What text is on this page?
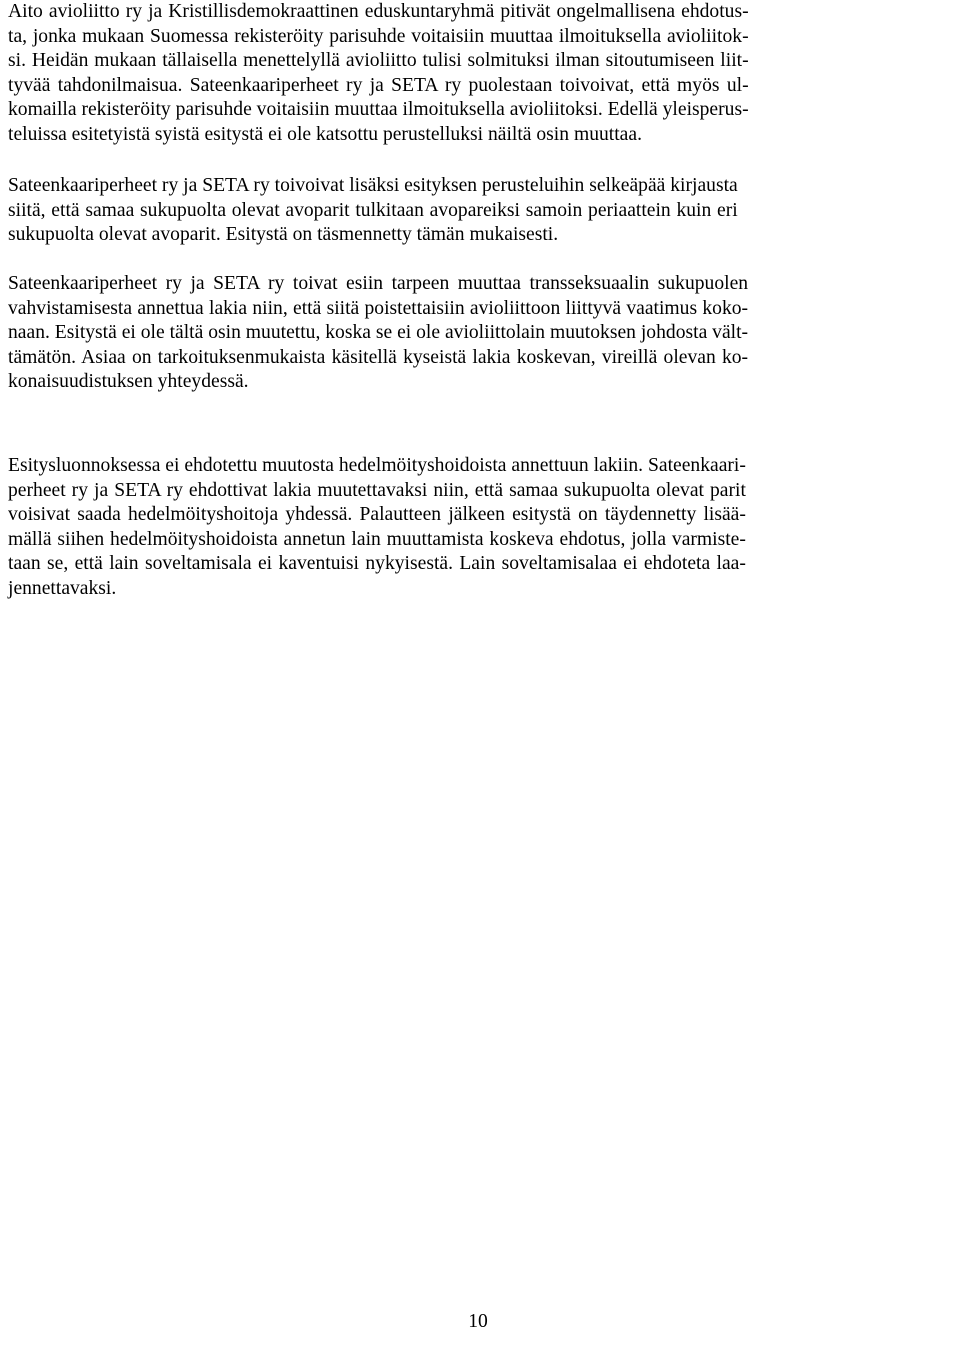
Aito avioliitto ry ja Kristillisdemokraattinen eduskuntaryhmä pitivät ongelmallisena ehdotus-
ta, jonka mukaan Suomessa rekisteröity parisuhde voitaisiin muuttaa ilmoituksella avioliitok-
si. Heidän mukaan tällaisella menettelyllä avioliitto tulisi solmituksi ilman sitoutumiseen liit-
tyvää tahdonilmaisua. Sateenkaariperheet ry ja SETA ry puolestaan toivoivat, että myös ul-
komailla rekisteröity parisuhde voitaisiin muuttaa ilmoituksella avioliitoksi. Edellä yleisperus-
teluissa esitetyistä syistä esitystä ei ole katsottu perustelluksi näiltä osin muuttaa.

Sateenkaariperheet ry ja SETA ry toivoivat lisäksi esityksen perusteluihin selkeäpää kirjausta
siitä, että samaa sukupuolta olevat avoparit tulkitaan avopareiksi samoin periaattein kuin eri
sukupuolta olevat avoparit. Esitystä on täsmennetty tämän mukaisesti.

Sateenkaariperheet ry ja SETA ry toivat esiin tarpeen muuttaa transseksuaalin sukupuolen
vahvistamisesta annettua lakia niin, että siitä poistettaisiin avioliittoon liittyvä vaatimus koko-
naan. Esitystä ei ole tältä osin muutettu, koska se ei ole avioliittolain muutoksen johdosta vält-
tämätön. Asiaa on tarkoituksenmukaista käsitellä kyseistä lakia koskevan, vireillä olevan ko-
konaisuudistuksen yhteydessä.

Esitysluonnoksessa ei ehdotettu muutosta hedelmöityshoidoista annettuun lakiin. Sateenkaari-
perheet ry ja SETA ry ehdottivat lakia muutettavaksi niin, että samaa sukupuolta olevat parit
voisivat saada hedelmöityshoitoja yhdessä. Palautteen jälkeen esitystä on täydennetty lisää-
mällä siihen hedelmöityshoidoista annetun lain muuttamista koskeva ehdotus, jolla varmiste-
taan se, että lain soveltamisala ei kaventuisi nykyisestä. Lain soveltamisalaa ei ehdoteta laa-
jennettavaksi.

10
